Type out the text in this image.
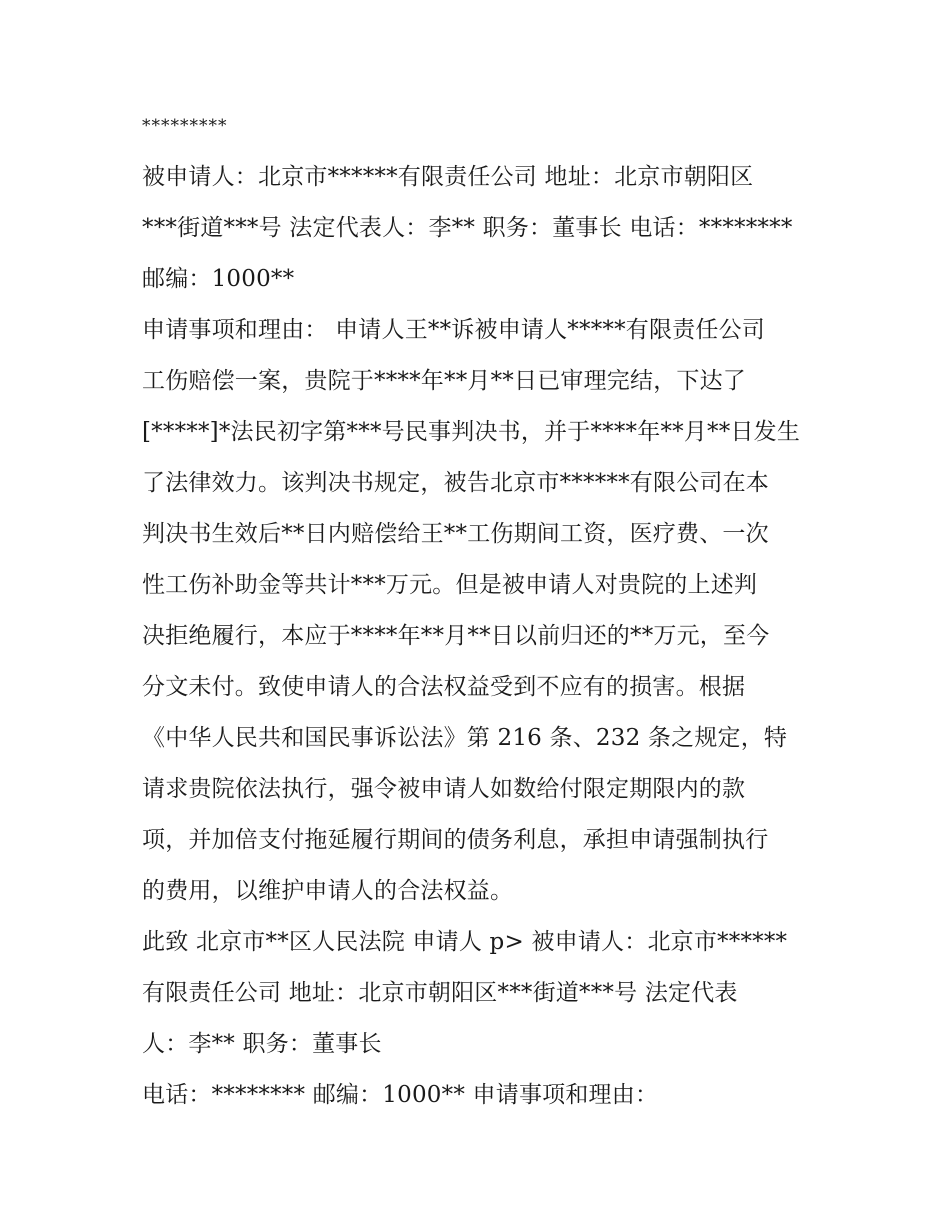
*********
被申请人：北京市******有限责任公司 地址：北京市朝阳区
***街道***号 法定代表人：李** 职务：董事长 电话：********
邮编：1000**
申请事项和理由： 申请人王**诉被申请人*****有限责任公司
工伤赔偿一案，贵院于****年**月**日已审理完结，下达了
[*****]*法民初字第***号民事判决书，并于****年**月**日发生
了法律效力。该判决书规定，被告北京市******有限公司在本
判决书生效后**日内赔偿给王**工伤期间工资，医疗费、一次
性工伤补助金等共计***万元。但是被申请人对贵院的上述判
决拒绝履行，本应于****年**月**日以前归还的**万元，至今
分文未付。致使申请人的合法权益受到不应有的损害。根据
《中华人民共和国民事诉讼法》第 216 条、232 条之规定，特
请求贵院依法执行，强令被申请人如数给付限定期限内的款
项，并加倍支付拖延履行期间的债务利息，承担申请强制执行
的费用，以维护申请人的合法权益。
此致 北京市**区人民法院 申请人 p> 被申请人：北京市******
有限责任公司 地址：北京市朝阳区***街道***号 法定代表
人：李** 职务：董事长
电话：******** 邮编：1000** 申请事项和理由：
